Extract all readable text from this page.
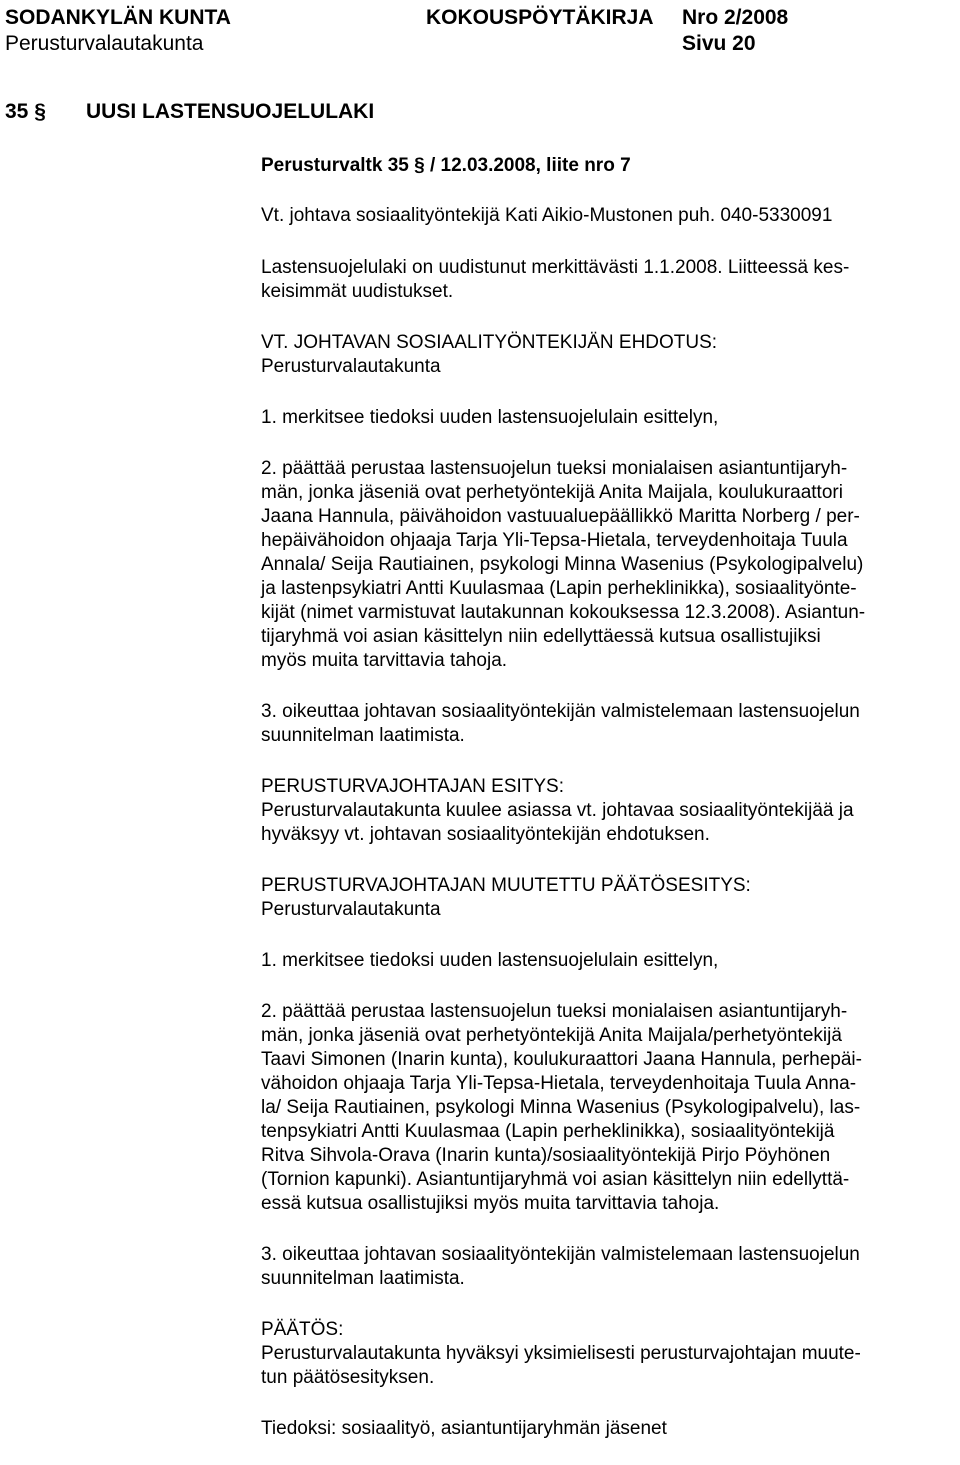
SODANKYLÄN KUNTA	KOKOUSPÖYTÄKIRJA Nro 2/2008
Perusturvalautakunta	Sivu 20
35 § UUSI LASTENSUOJELULAKI
Perusturvaltk 35 § / 12.03.2008, liite nro 7
Vt. johtava sosiaalityöntekijä Kati Aikio-Mustonen puh. 040-5330091
Lastensuojelulaki on uudistunut merkittävästi 1.1.2008. Liitteessä kes-
keisimmät uudistukset.
VT. JOHTAVAN SOSIAALITYÖNTEKIJÄN EHDOTUS:
Perusturvalautakunta
1. merkitsee tiedoksi uuden lastensuojelulain esittelyn,
2. päättää perustaa lastensuojelun tueksi monialaisen asiantuntijaryh-
män, jonka jäseniä ovat perhetyöntekijä Anita Maijala, koulukuraattori
Jaana Hannula, päivähoidon vastuualuepäällikkö Maritta Norberg / per-
hepäivähoidon ohjaaja Tarja Yli-Tepsa-Hietala, terveydenhoitaja Tuula
Annala/ Seija Rautiainen, psykologi Minna Wasenius (Psykologipalvelu)
ja lastenpsykiatri Antti Kuulasmaa (Lapin perheklinikka), sosiaalityönte-
kijät (nimet varmistuvat lautakunnan kokouksessa 12.3.2008). Asiantun-
tijaryhmä voi asian käsittelyn niin edellyttäessä kutsua osallistujiksi
myös muita tarvittavia tahoja.
3. oikeuttaa johtavan sosiaalityöntekijän valmistelemaan lastensuojelun
suunnitelman laatimista.
PERUSTURVAJOHTAJAN ESITYS:
Perusturvalautakunta kuulee asiassa vt. johtavaa sosiaalityöntekijää ja
hyväksyy vt. johtavan sosiaalityöntekijän ehdotuksen.
PERUSTURVAJOHTAJAN MUUTETTU PÄÄTÖSESITYS:
Perusturvalautakunta
1. merkitsee tiedoksi uuden lastensuojelulain esittelyn,
2. päättää perustaa lastensuojelun tueksi monialaisen asiantuntijaryh-
män, jonka jäseniä ovat perhetyöntekijä Anita Maijala/perhetyöntekijä
Taavi Simonen (Inarin kunta), koulukuraattori Jaana Hannula, perhepäi-
vähoidon ohjaaja Tarja Yli-Tepsa-Hietala, terveydenhoitaja Tuula Anna-
la/ Seija Rautiainen, psykologi Minna Wasenius (Psykologipalvelu), las-
tenpsykiatri Antti Kuulasmaa (Lapin perheklinikka), sosiaalityöntekijä
Ritva Sihvola-Orava (Inarin kunta)/sosiaalityöntekijä Pirjo Pöyhönen
(Tornion kapunki). Asiantuntijaryhmä voi asian käsittelyn niin edellyttä-
essä kutsua osallistujiksi myös muita tarvittavia tahoja.
3. oikeuttaa johtavan sosiaalityöntekijän valmistelemaan lastensuojelun
suunnitelman laatimista.
PÄÄTÖS:
Perusturvalautakunta hyväksyi yksimielisesti perusturvajohtajan muute-
tun päätösesityksen.
Tiedoksi: sosiaalityö, asiantuntijaryhmän jäsenet
